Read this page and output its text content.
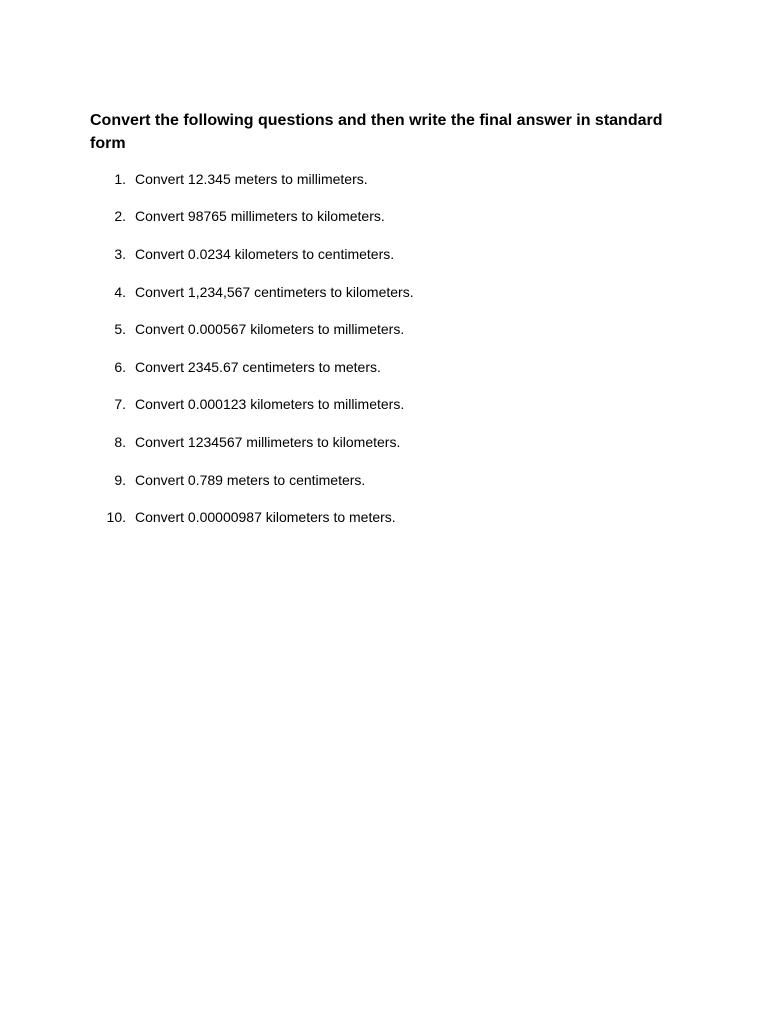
Convert the following questions and then write the final answer in standard form
1. Convert 12.345 meters to millimeters.
2. Convert 98765 millimeters to kilometers.
3. Convert 0.0234 kilometers to centimeters.
4. Convert 1,234,567 centimeters to kilometers.
5. Convert 0.000567 kilometers to millimeters.
6. Convert 2345.67 centimeters to meters.
7. Convert 0.000123 kilometers to millimeters.
8. Convert 1234567 millimeters to kilometers.
9. Convert 0.789 meters to centimeters.
10. Convert 0.00000987 kilometers to meters.
